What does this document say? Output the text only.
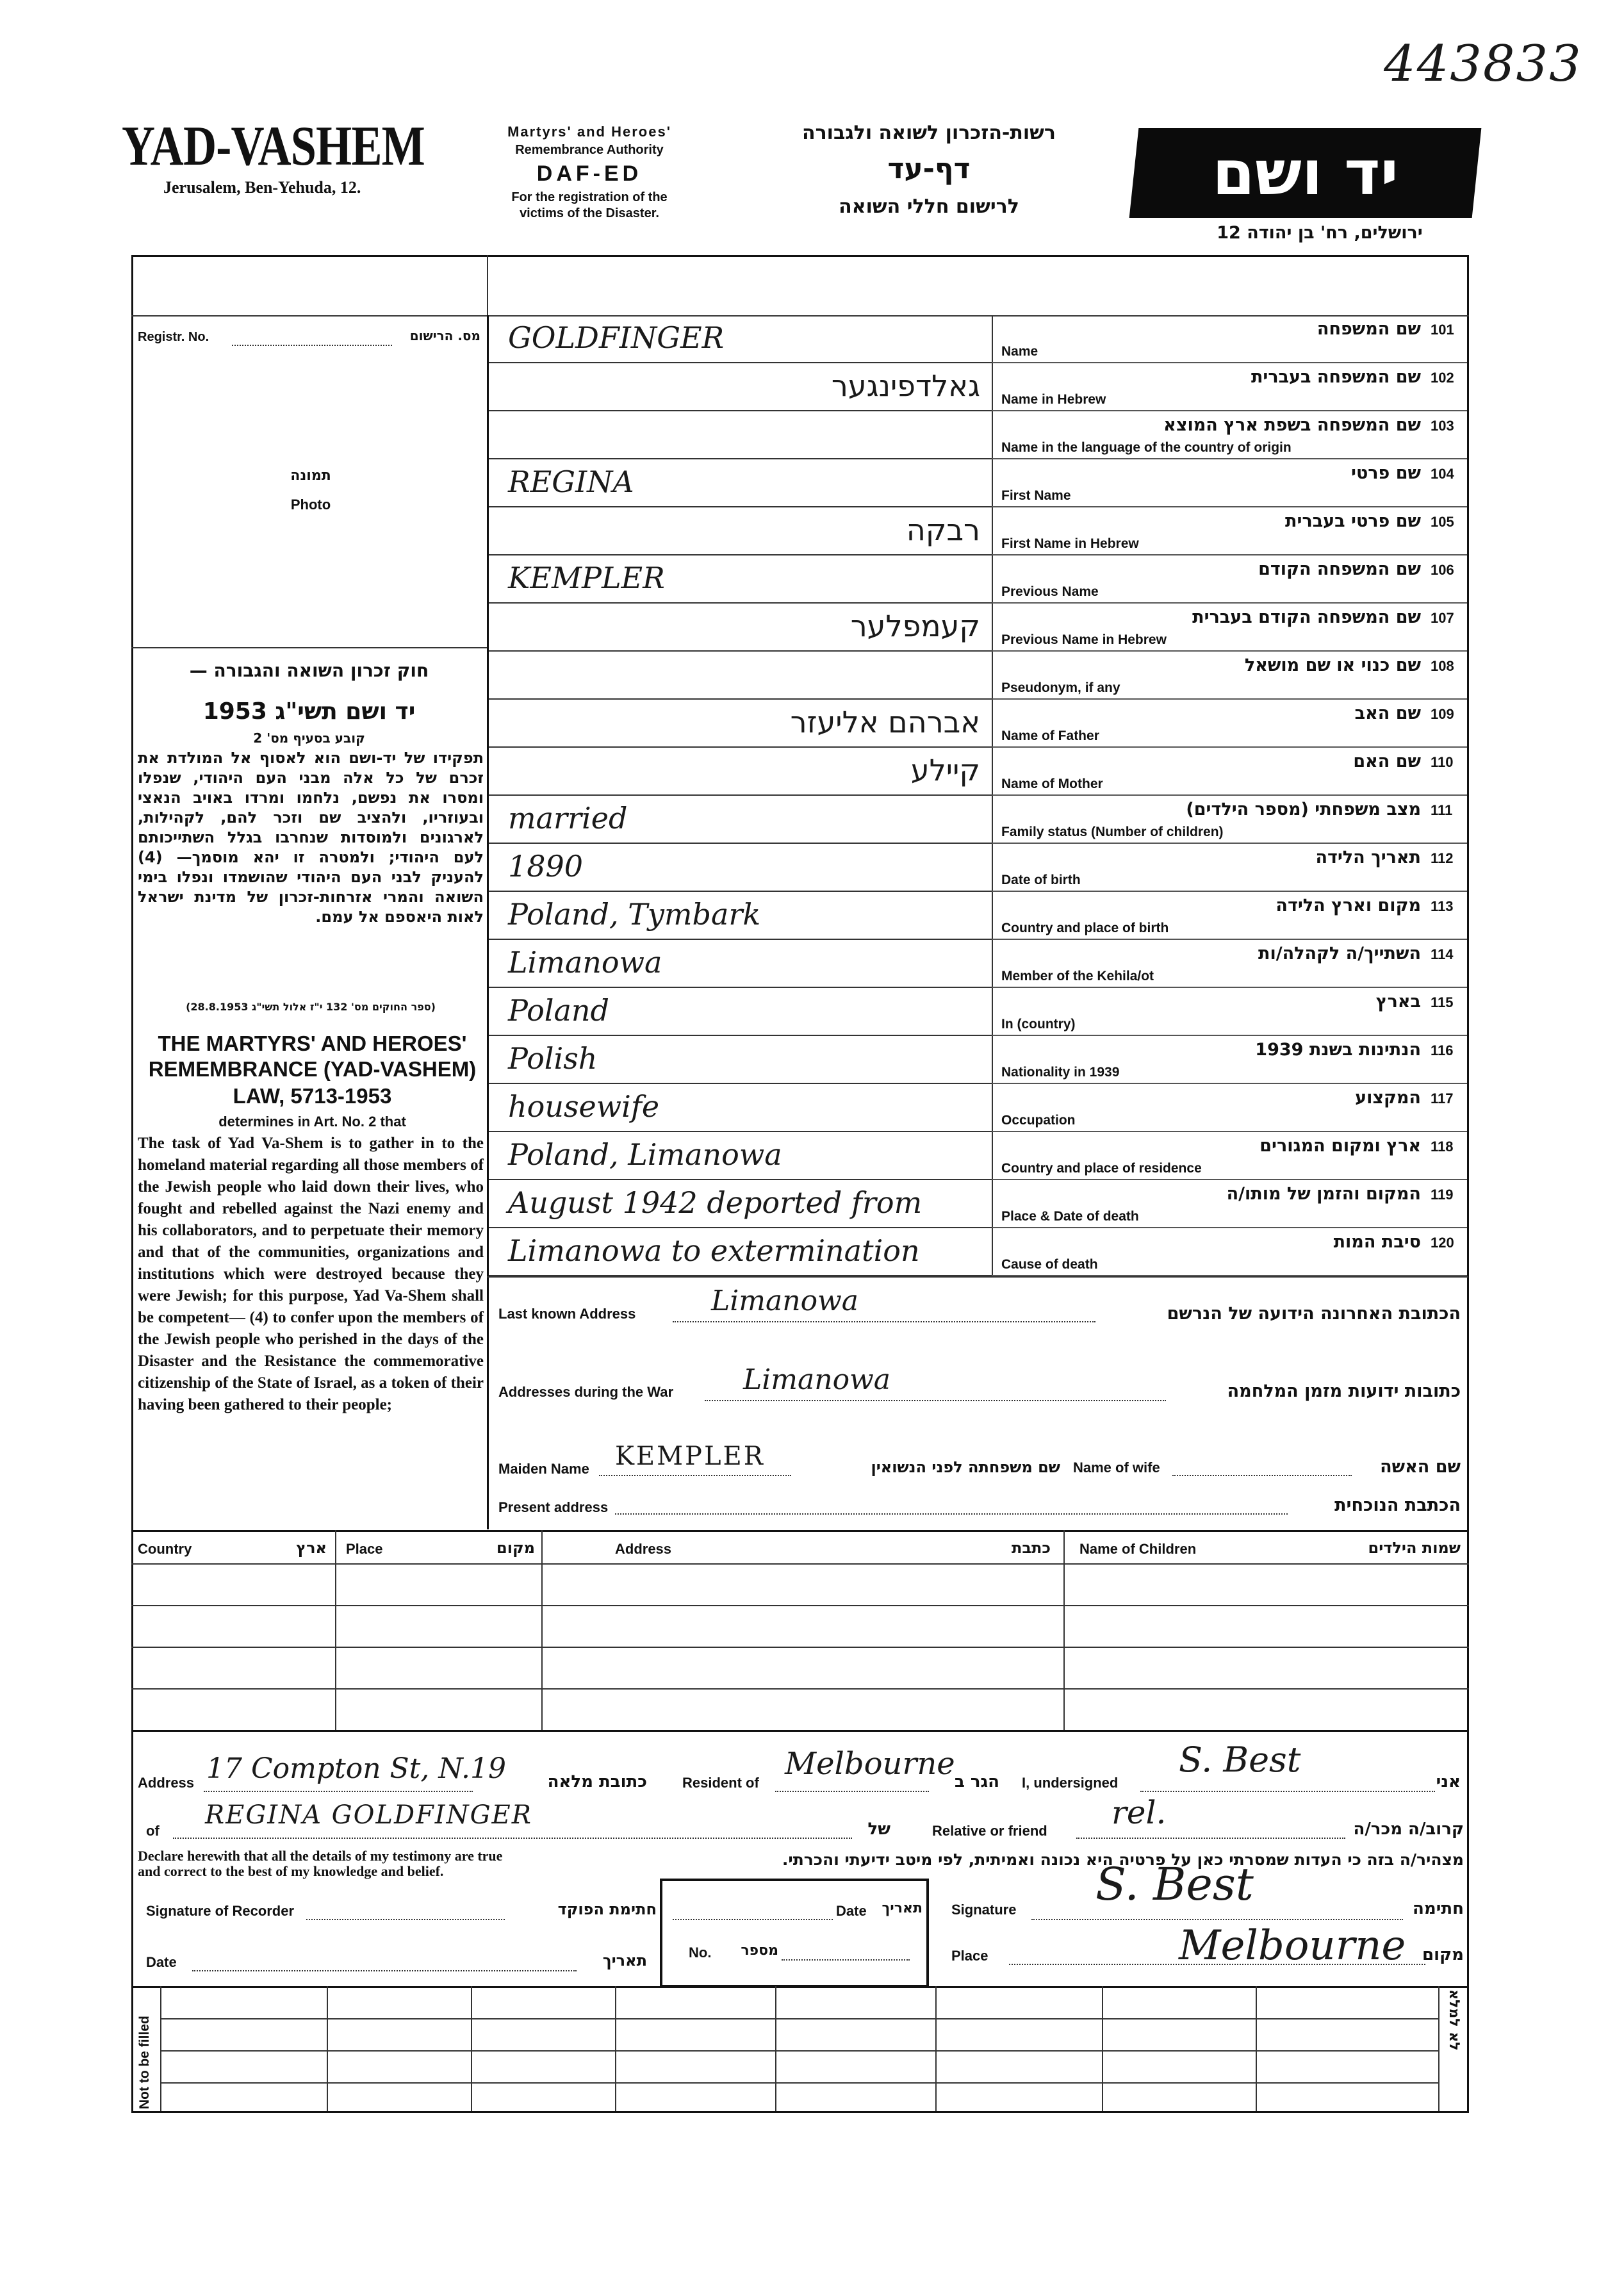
443833
YAD-VASHEM
Jerusalem, Ben-Yehuda, 12.
Martyrs' and Heroes'
Remembrance Authority
DAF-ED
For the registration of the
victims of the Disaster.
רשות-הזכרון לשואה ולגבורה
דף-עד
לרישום חללי השואה	יד ושם
ירושלים, רח' בן יהודה 12
Registr. No.	מס. הרישום
תמונה
Photo
חוק זכרון השואה והגבורה —
יד ושם תשי"ג 1953
קובע בסעיף מס' 2
תפקידו של יד-ושם הוא לאסוף אל המולדת את זכרם של כל אלה מבני העם היהודי, שנפלו ומסרו את נפשם, נלחמו ומרדו באויב הנאצי ובעוזריו, ולהציב שם וזכר להם, לקהילות, לארגונים ולמוסדות שנחרבו בגלל השתייכותם לעם היהודי; ולמטרה זו יהא מוסמך— (4) להעניק לבני העם היהודי שהושמדו ונפלו בימי השואה והמרי אזרחות-זכרון של מדינת ישראל לאות היאספם אל עמם.
(ספר החוקים מס' 132 י"ז אלול תשי"ג 28.8.1953)
THE MARTYRS' AND HEROES'
REMEMBRANCE (YAD-VASHEM)
LAW, 5713-1953
determines in Art. No. 2 that
The task of Yad Va-Shem is to gather in to the homeland material regarding all those members of the Jewish people who laid down their lives, who fought and rebelled against the Nazi enemy and his collaborators, and to perpetuate their memory and that of the communities, organizations and institutions which were destroyed because they were Jewish; for this purpose, Yad Va-Shem shall be competent— (4) to confer upon the members of the Jewish people who perished in the days of the Disaster and the Resistance the commemorative citizenship of the State of Israel, as a token of their having been gathered to their people;
GOLDFINGER	101
שם המשפחה
Name
גאלדפינגער	102
שם המשפחה בעברית
Name in Hebrew
103
שם המשפחה בשפת ארץ המוצא
Name in the language of the country of origin
REGINA	104
שם פרטי
First Name
רבקה	105
שם פרטי בעברית
First Name in Hebrew
KEMPLER	106
שם המשפחה הקודם
Previous Name
קעמפלער	107
שם המשפחה הקודם בעברית
Previous Name in Hebrew
108
שם כנוי או שם מושאל
Pseudonym, if any
אברהם אליעזר	109
שם האב
Name of Father
קיילע	110
שם האם
Name of Mother
married	111
מצב משפחתי (מספר הילדים)
Family status (Number of children)
1890	112
תאריך הלידה
Date of birth
Poland, Tymbark	113
מקום וארץ הלידה
Country and place of birth
Limanowa	114
השתייך/ה לקהלה/ות
Member of the Kehila/ot
Poland	115
בארץ
In (country)
Polish	116
הנתינות בשנת 1939
Nationality in 1939
housewife	117
המקצוע
Occupation
Poland, Limanowa	118
ארץ ומקום המגורים
Country and place of residence
August 1942 deported from	119
המקום והזמן של מותו/ה
Place & Date of death
Limanowa to extermination	120
סיבת המות
Cause of death
Last known Address	Limanowa	הכתובת האחרונה הידועה של הנרשם
Addresses during the War Limanowa	כתובות ידועות מזמן המלחמה
Maiden Name KEMPLER	שם משפחתה לפני הנשואין Name of wife	שם האשה
Present address	הכתבת הנוכחית
Country	ארץ Place	מקום	Address	כתבת Name of Children	שמות הילדים
Address 17 Compton St, N.19	כתובת מלאה	Resident of
Melbourne הגר ב I, undersigned
S. Best
אני
of
REGINA GOLDFINGER	של	Relative or friend rel.	קרוב/ה מכר/ה
Declare herewith that all the details of my testimony are true and correct to the best of my knowledge and belief.
מצהיר/ה בזה כי העדות שמסרתי כאן על פרטיה היא נכונה ואמיתית, לפי מיטב ידיעתי והכרתי.
Signature of Recorder	חתימת הפוקד
Date	תאריך
Date	תאריך
No.	מספר
Signature S. Best	חתימה
Place	Melbourne מקום
Not to be filled	לא למלא
